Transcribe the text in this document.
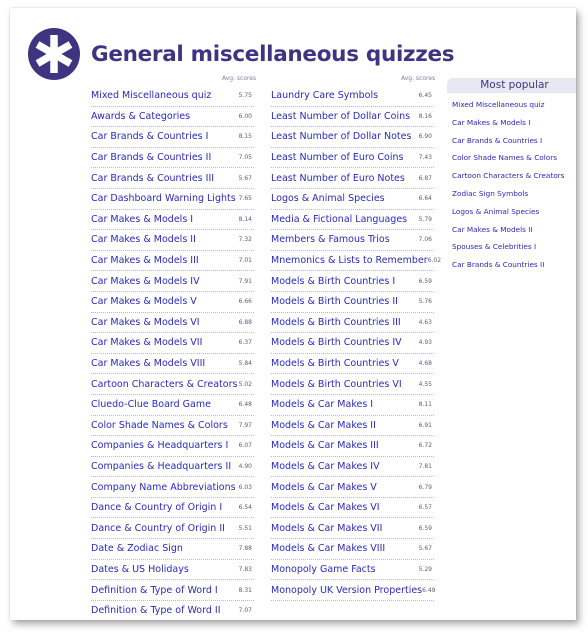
General miscellaneous quizzes
Avg. scores	Avg. scores
Mixed Miscellaneous quiz	5.75
Awards & Categories	6.00
Car Brands & Countries I	8.15
Car Brands & Countries II	7.05
Car Brands & Countries III	5.67
Car Dashboard Warning Lights 7.65
Car Makes & Models I	8.14
Car Makes & Models II	7.32
Car Makes & Models III	7.01
Car Makes & Models IV	7.91
Car Makes & Models V	6.66
Car Makes & Models VI	6.88
Car Makes & Models VII	6.37
Car Makes & Models VIII	5.84
Cartoon Characters & Creators 5.02
Cluedo-Clue Board Game	6.48
Color Shade Names & Colors 7.97
Companies & Headquarters I 6.07
Companies & Headquarters II 4.90
Company Name Abbreviations 6.03
Dance & Country of Origin I	6.54
Dance & Country of Origin II 5.51
Date & Zodiac Sign	7.88
Dates & US Holidays	7.83
Definition & Type of Word I	8.31
Definition & Type of Word II	7.07
Laundry Care Symbols	6.45
Least Number of Dollar Coins 8.16
Least Number of Dollar Notes 6.90
Least Number of Euro Coins	7.43
Least Number of Euro Notes 6.87
Logos & Animal Species	6.64
Media & Fictional Languages 5.79
Members & Famous Trios	7.06
Mnemonics & Lists to Remember 6.02
Models & Birth Countries I	6.59
Models & Birth Countries II	5.76
Models & Birth Countries III	4.63
Models & Birth Countries IV	4.93
Models & Birth Countries V	4.68
Models & Birth Countries VI	4.55
Models & Car Makes I	8.11
Models & Car Makes II	6.91
Models & Car Makes III	6.72
Models & Car Makes IV	7.81
Models & Car Makes V	6.79
Models & Car Makes VI	6.57
Models & Car Makes VII	6.59
Models & Car Makes VIII	5.67
Monopoly Game Facts	5.29
Monopoly UK Version Properties 6.49
Most popular
Mixed Miscellaneous quiz
Car Makes & Models I
Car Brands & Countries I
Color Shade Names & Colors
Cartoon Characters & Creators
Zodiac Sign Symbols
Logos & Animal Species
Car Makes & Models II
Spouses & Celebrities I
Car Brands & Countries II
